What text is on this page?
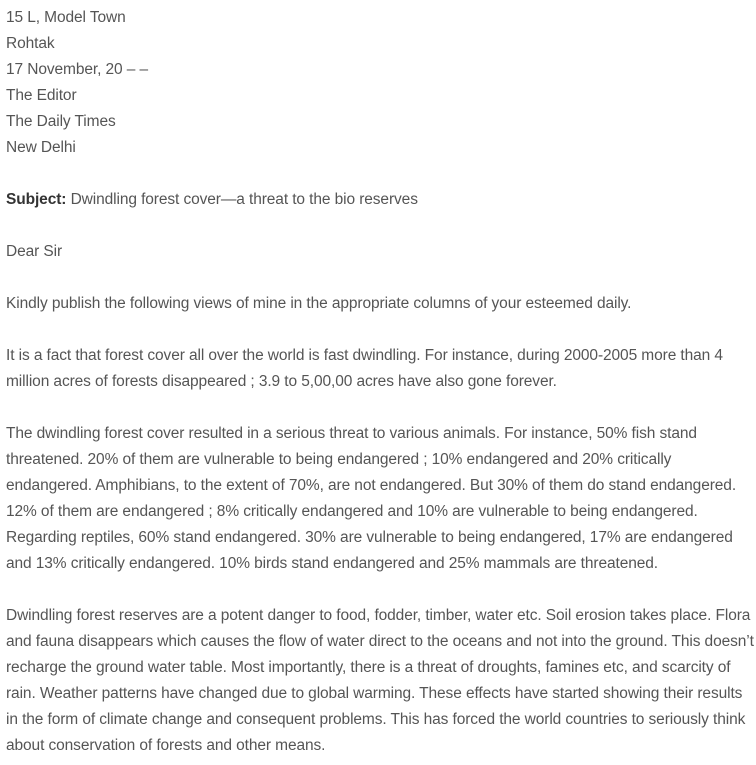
15 L, Model Town

Rohtak

17 November, 20 – –

The Editor

The Daily Times

New Delhi

Subject: Dwindling forest cover—a threat to the bio reserves

Dear Sir

Kindly publish the following views of mine in the appropriate columns of your esteemed daily.

It is a fact that forest cover all over the world is fast dwindling. For instance, during 2000-2005 more than 4 million acres of forests disappeared ; 3.9 to 5,00,00 acres have also gone forever.

The dwindling forest cover resulted in a serious threat to various animals. For instance, 50% fish stand threatened. 20% of them are vulnerable to being endangered ; 10% endangered and 20% critically endangered. Amphibians, to the extent of 70%, are not endangered. But 30% of them do stand endangered. 12% of them are endangered ; 8% critically endangered and 10% are vulnerable to being endangered. Regarding reptiles, 60% stand endangered. 30% are vulnerable to being endangered, 17% are endangered and 13% critically endangered. 10% birds stand endangered and 25% mammals are threatened.

Dwindling forest reserves are a potent danger to food, fodder, timber, water etc. Soil erosion takes place. Flora and fauna disappears which causes the flow of water direct to the oceans and not into the ground. This doesn’t recharge the ground water table. Most importantly, there is a threat of droughts, famines etc, and scarcity of rain. Weather patterns have changed due to global warming. These effects have started showing their results in the form of climate change and consequent problems. This has forced the world countries to seriously think about conservation of forests and other means.
